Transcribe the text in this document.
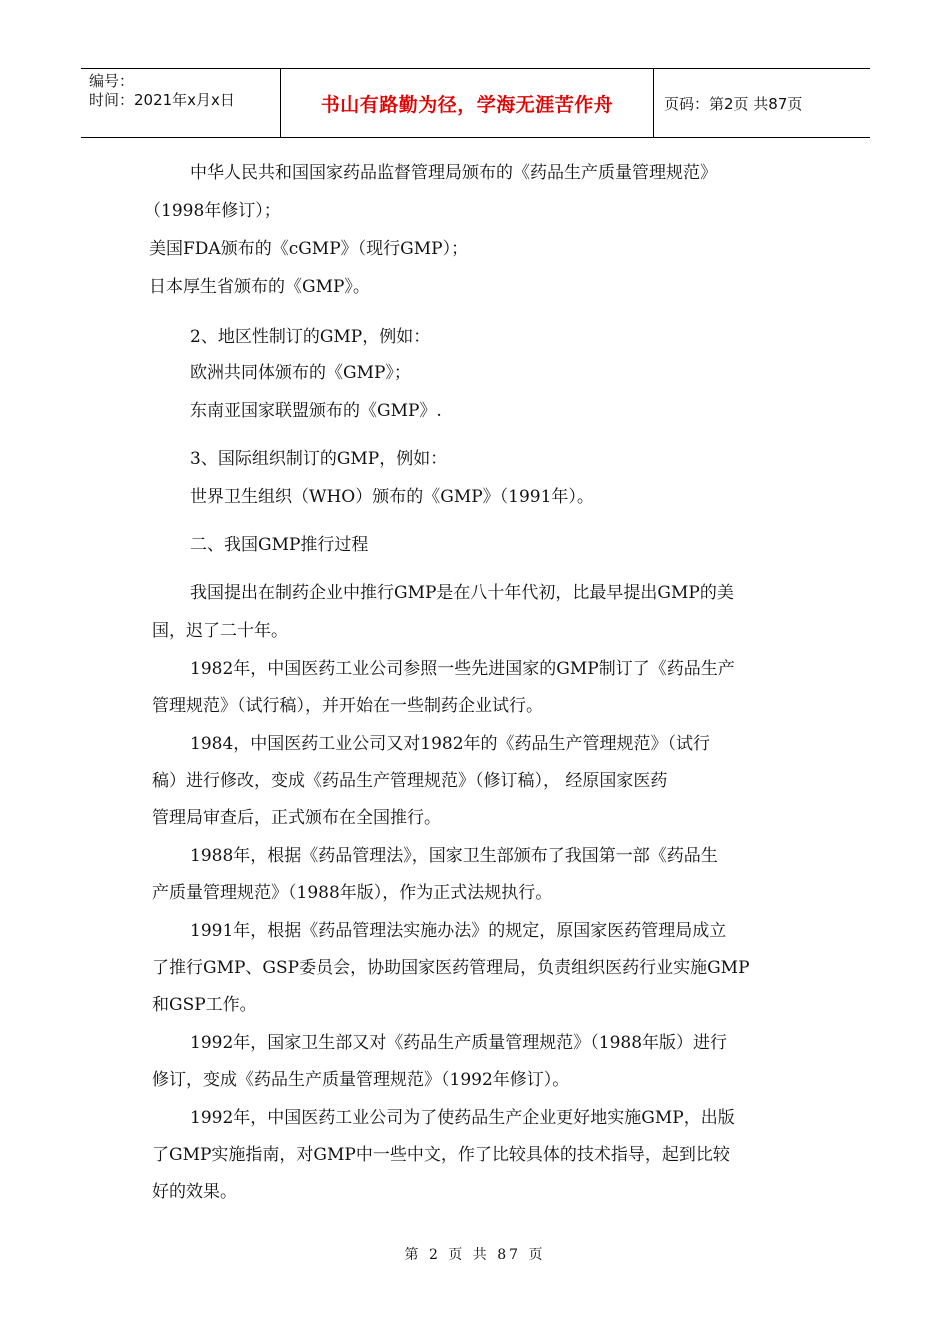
编号：
时间：2021年x月x日	书山有路勤为径，学海无涯苦作舟	页码：第2页 共87页
中华人民共和国国家药品监督管理局颁布的《药品生产质量管理规范》
（1998年修订）；
美国FDA颁布的《cGMP》（现行GMP）；
日本厚生省颁布的《GMP》。
2、地区性制订的GMP，例如：
欧洲共同体颁布的《GMP》；
东南亚国家联盟颁布的《GMP》.
3、国际组织制订的GMP，例如：
世界卫生组织（WHO）颁布的《GMP》（1991年）。
二、我国GMP推行过程
我国提出在制药企业中推行GMP是在八十年代初，比最早提出GMP的美
国，迟了二十年。
1982年，中国医药工业公司参照一些先进国家的GMP制订了《药品生产
管理规范》（试行稿），并开始在一些制药企业试行。
1984，中国医药工业公司又对1982年的《药品生产管理规范》（试行
稿）进行修改，变成《药品生产管理规范》（修订稿）， 经原国家医药
管理局审查后，正式颁布在全国推行。
1988年，根据《药品管理法》，国家卫生部颁布了我国第一部《药品生
产质量管理规范》（1988年版），作为正式法规执行。
1991年，根据《药品管理法实施办法》的规定，原国家医药管理局成立
了推行GMP、GSP委员会，协助国家医药管理局，负责组织医药行业实施GMP
和GSP工作。
1992年，国家卫生部又对《药品生产质量管理规范》（1988年版）进行
修订，变成《药品生产质量管理规范》（1992年修订）。
1992年，中国医药工业公司为了使药品生产企业更好地实施GMP，出版
了GMP实施指南，对GMP中一些中文，作了比较具体的技术指导，起到比较
好的效果。
第 2 页 共 87 页
